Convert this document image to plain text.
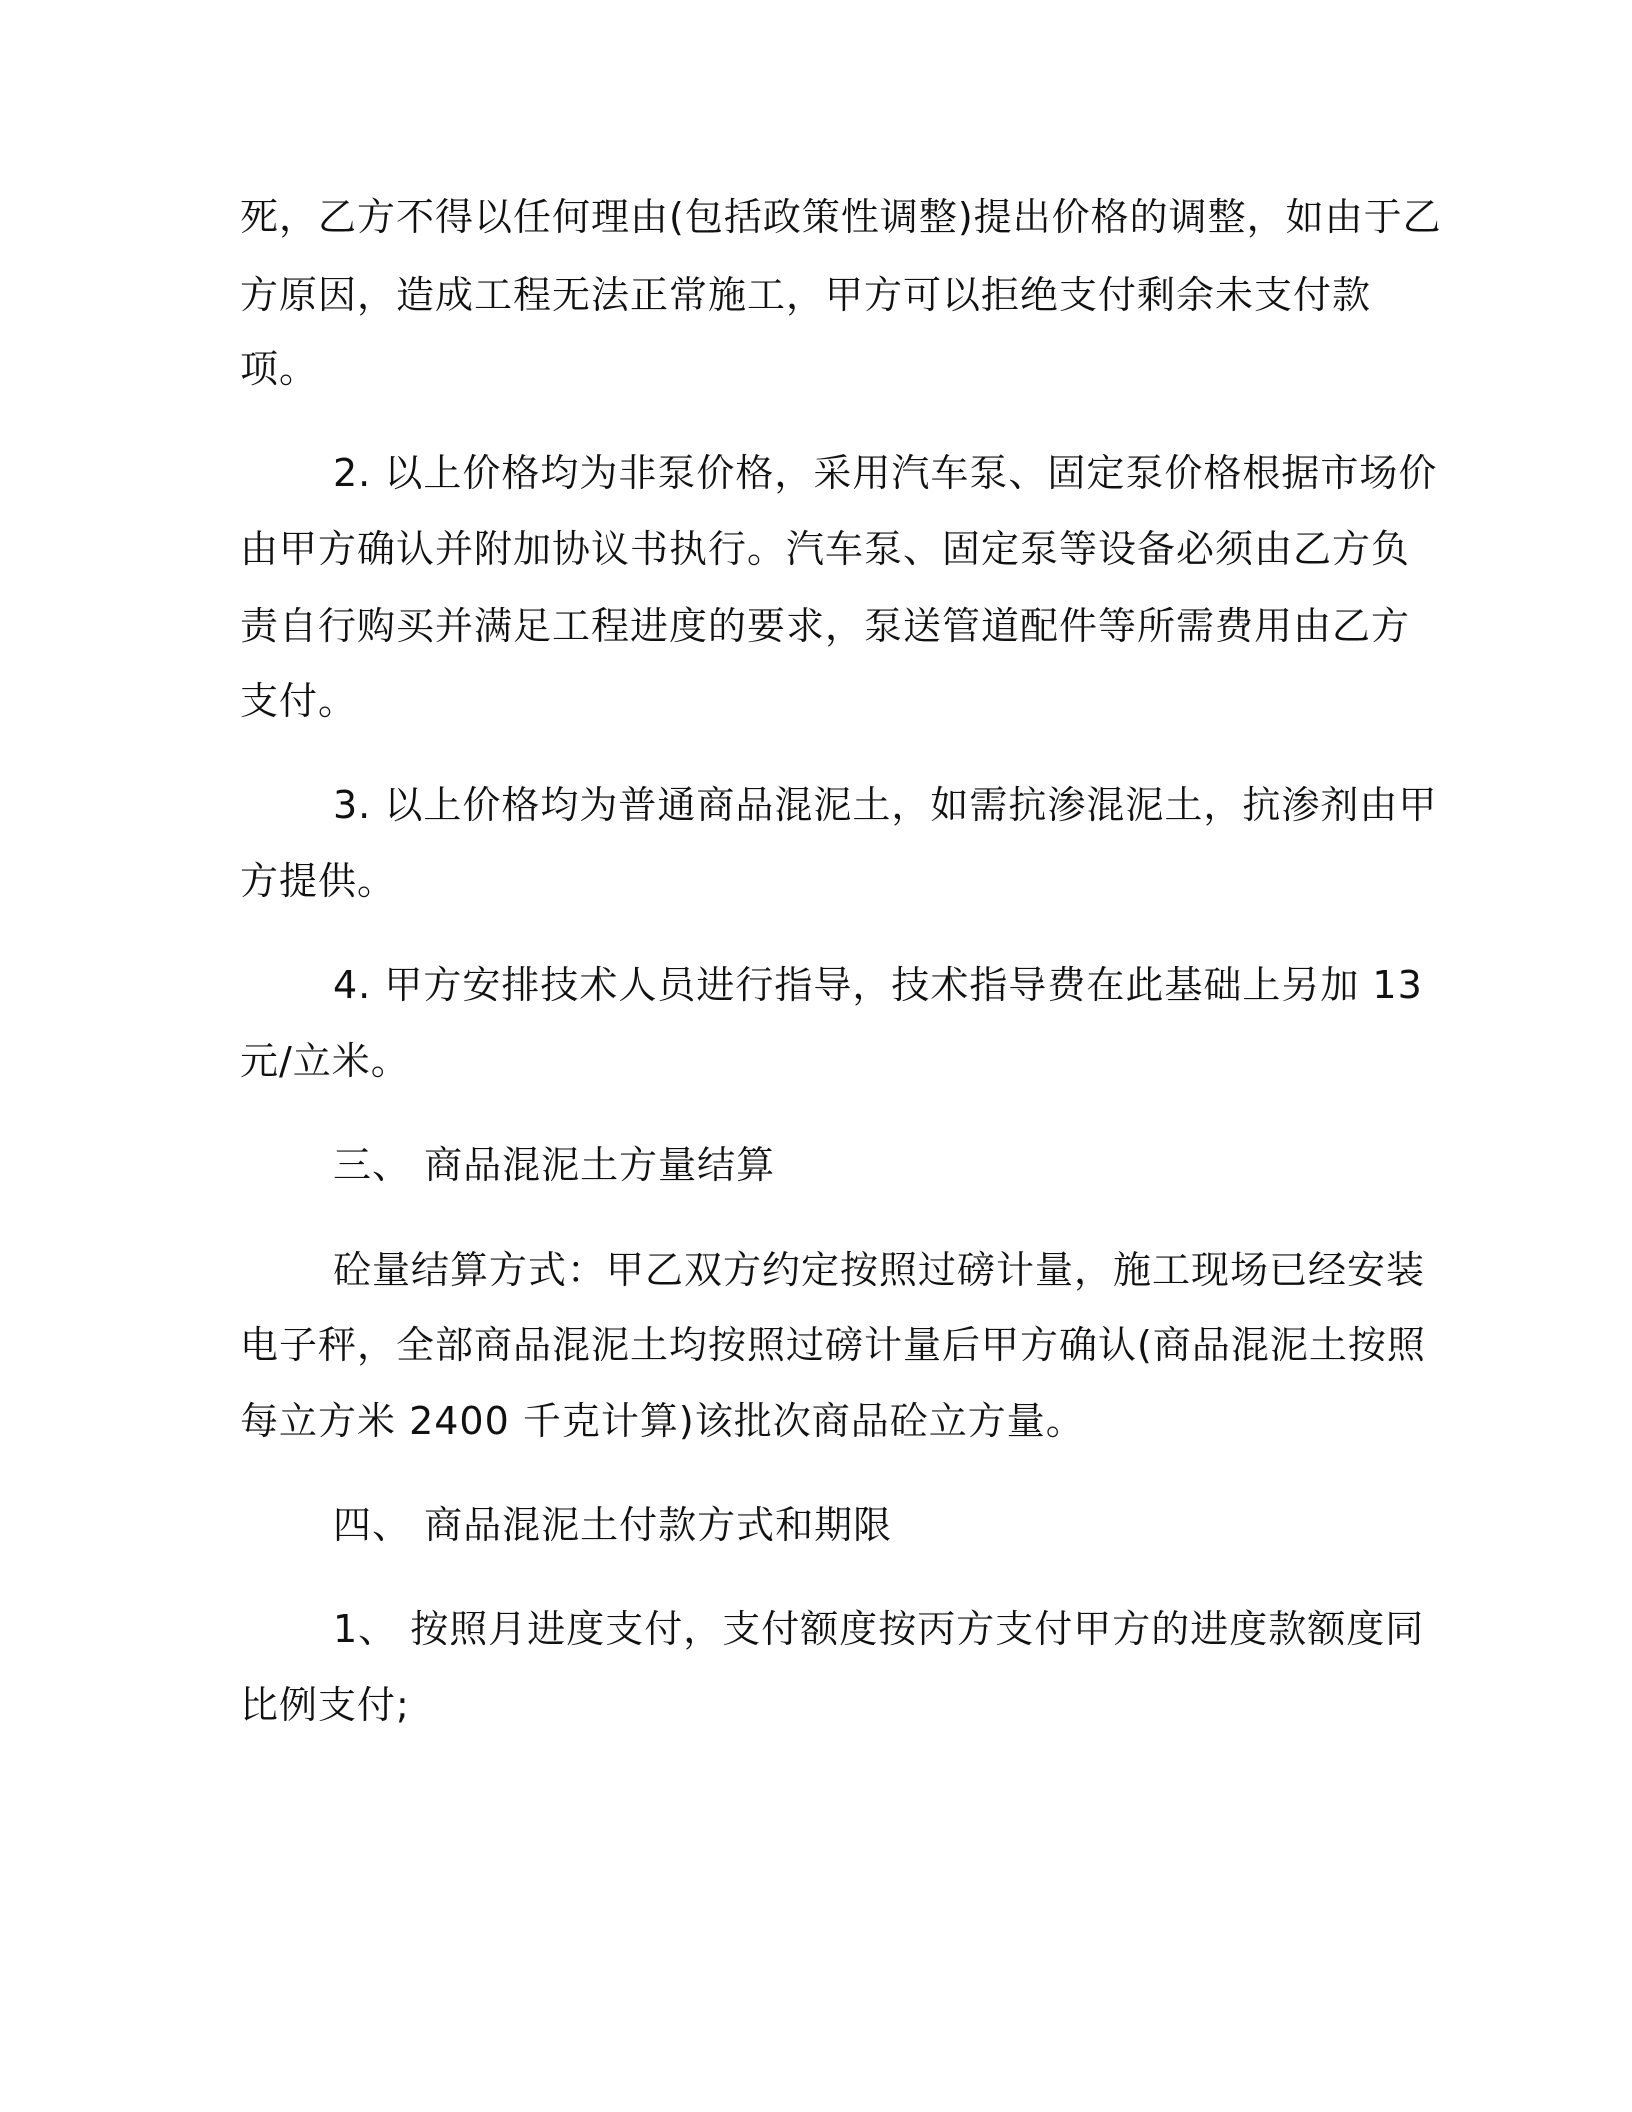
死，乙方不得以任何理由(包括政策性调整)提出价格的调整，如由于乙
方原因，造成工程无法正常施工，甲方可以拒绝支付剩余未支付款
项。
2. 以上价格均为非泵价格，采用汽车泵、固定泵价格根据市场价
由甲方确认并附加协议书执行。汽车泵、固定泵等设备必须由乙方负
责自行购买并满足工程进度的要求，泵送管道配件等所需费用由乙方
支付。
3. 以上价格均为普通商品混泥土，如需抗渗混泥土，抗渗剂由甲
方提供。
4. 甲方安排技术人员进行指导，技术指导费在此基础上另加 13
元/立米。
三、 商品混泥土方量结算
砼量结算方式：甲乙双方约定按照过磅计量，施工现场已经安装
电子秤，全部商品混泥土均按照过磅计量后甲方确认(商品混泥土按照
每立方米 2400 千克计算)该批次商品砼立方量。
四、 商品混泥土付款方式和期限
1、 按照月进度支付，支付额度按丙方支付甲方的进度款额度同
比例支付;
